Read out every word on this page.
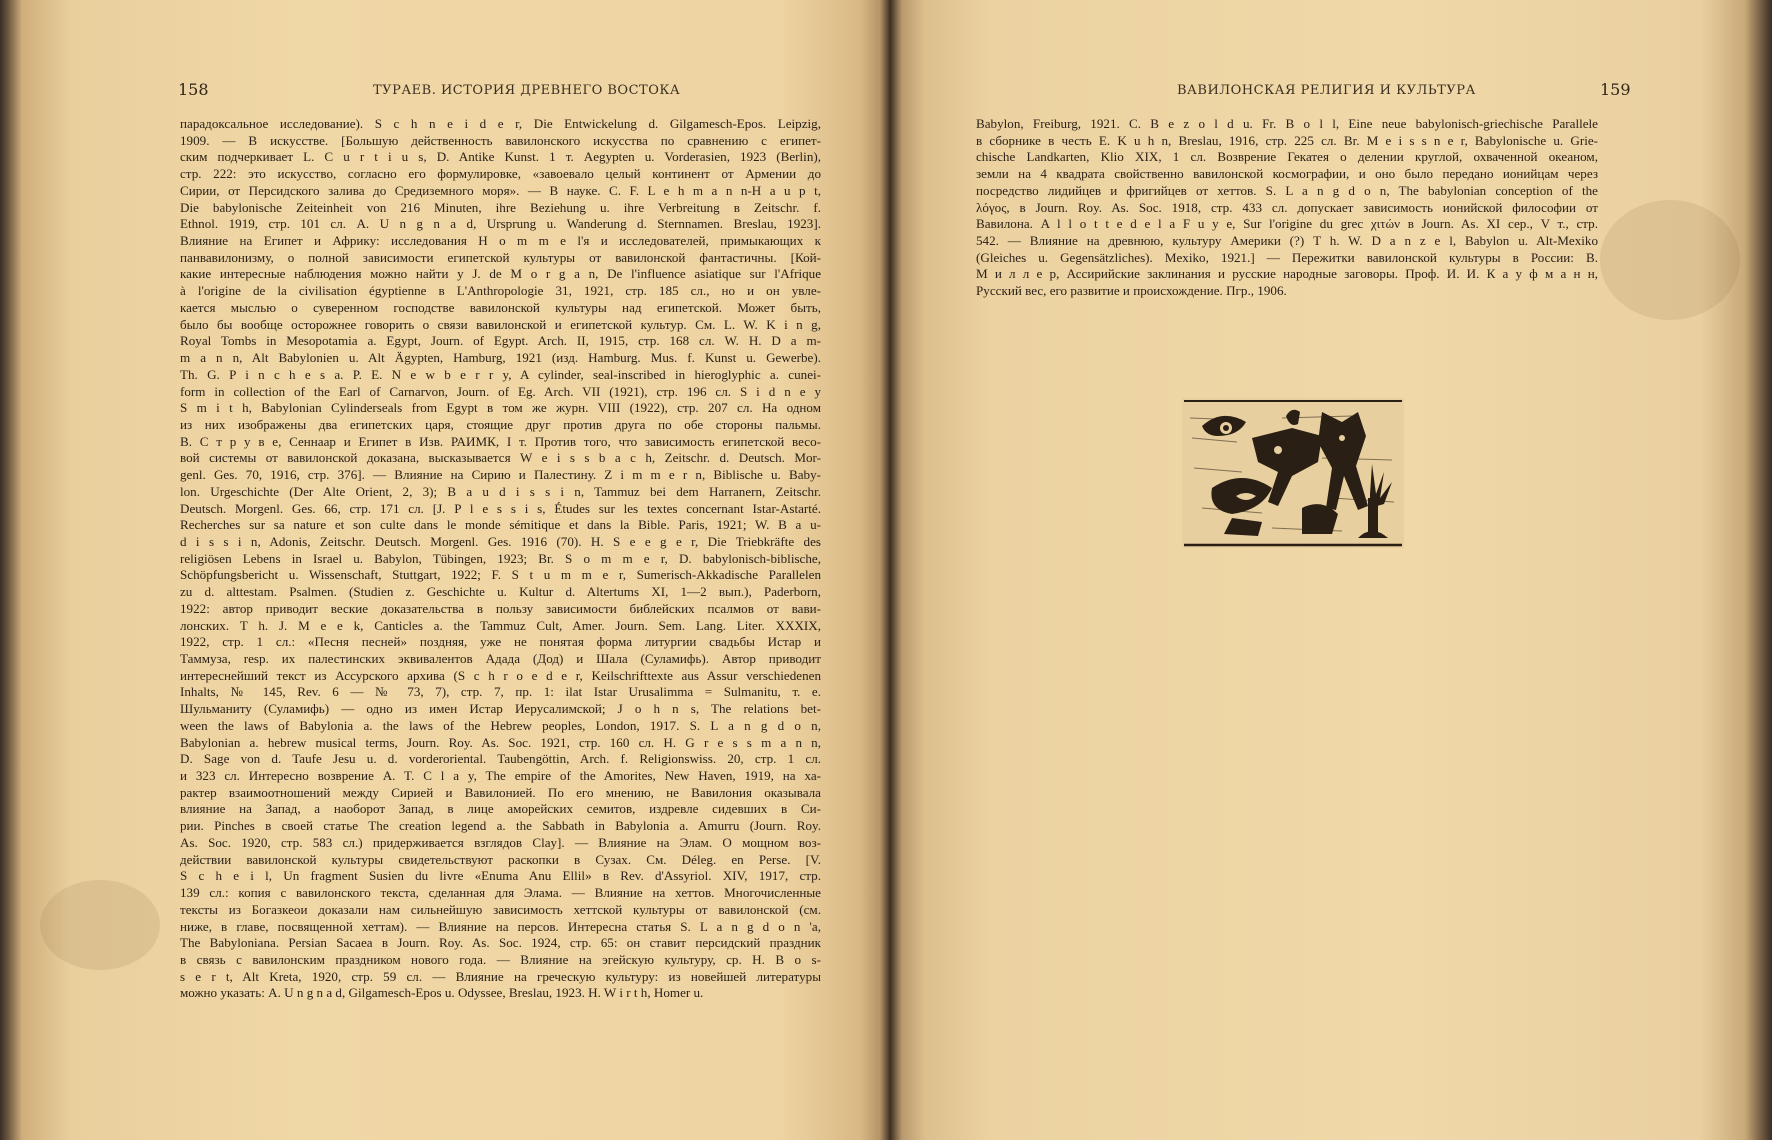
158	ТУРАЕВ. ИСТОРИЯ ДРЕВНЕГО ВОСТОКА
парадоксальное исследование). S c h n e i d e r, Die Entwickelung d. Gilgamesch-Epos. Leipzig,
1909. — В искусстве. [Большую действенность вавилонского искусства по сравнению с египет-
ским подчеркивает L. C u r t i u s, D. Antike Kunst. 1 т. Aegypten u. Vorderasien, 1923 (Berlin),
стр. 222: это искусство, согласно его формулировке, «завоевало целый континент от Армении до
Сирии, от Персидского залива до Средиземного моря». — В науке. C. F. L e h m a n n-H a u p t,
Die babylonische Zeiteinheit von 216 Minuten, ihre Beziehung u. ihre Verbreitung в Zeitschr. f.
Ethnol. 1919, стр. 101 сл. A. U n g n a d, Ursprung u. Wanderung d. Sternnamen. Breslau, 1923].
Влияние на Египет и Африку: исследования Н о m m e l'я и исследователей, примыкающих к
панвавилонизму, о полной зависимости египетской культуры от вавилонской фантастичны. [Кой-
какие интересные наблюдения можно найти у J. de M o r g a n, De l'influence asiatique sur l'Afrique
à l'origine de la civilisation égyptienne в L'Anthropologie 31, 1921, стр. 185 сл., но и он увле-
кается мыслью о суверенном господстве вавилонской культуры над египетской. Может быть,
было бы вообще осторожнее говорить о связи вавилонской и египетской культур. См. L. W. K i n g,
Royal Tombs in Mesopotamia a. Egypt, Journ. of Egypt. Arch. II, 1915, стр. 168 сл. W. H. D a m-
m a n n, Alt Babylonien u. Alt Ägypten, Hamburg, 1921 (изд. Hamburg. Mus. f. Kunst u. Gewerbe).
Th. G. P i n c h e s a. P. E. N e w b e r r y, A cylinder, seal-inscribed in hieroglyphic a. cunei-
form in collection of the Earl of Carnarvon, Journ. of Eg. Arch. VII (1921), стр. 196 сл. S i d n e y
S m i t h, Babylonian Cylinderseals from Egypt в том же журн. VIII (1922), стр. 207 сл. На одном
из них изображены два египетских царя, стоящие друг против друга по обе стороны пальмы.
В. С т р у в е, Сеннаар и Египет в Изв. РАИМК, I т. Против того, что зависимость египетской весо-
вой системы от вавилонской доказана, высказывается W e i s s b a c h, Zeitschr. d. Deutsch. Mor-
genl. Ges. 70, 1916, стр. 376]. — Влияние на Сирию и Палестину. Z i m m e r n, Biblische u. Baby-
lon. Urgeschichte (Der Alte Orient, 2, 3); B a u d i s s i n, Tammuz bei dem Harranern, Zeitschr.
Deutsch. Morgenl. Ges. 66, стр. 171 сл. [J. P l e s s i s, Études sur les textes concernant Istar-Astarté.
Recherches sur sa nature et son culte dans le monde sémitique et dans la Bible. Paris, 1921; W. B a u-
d i s s i n, Adonis, Zeitschr. Deutsch. Morgenl. Ges. 1916 (70). H. S e e g e r, Die Triebkräfte des
religiösen Lebens in Israel u. Babylon, Tübingen, 1923; Br. S o m m e r, D. babylonisch-biblische,
Schöpfungsbericht u. Wissenschaft, Stuttgart, 1922; F. S t u m m e r, Sumerisch-Akkadische Parallelen
zu d. alttestam. Psalmen. (Studien z. Geschichte u. Kultur d. Altertums XI, 1—2 вып.), Paderborn,
1922: автор приводит веские доказательства в пользу зависимости библейских псалмов от вави-
лонских. T h. J. M e e k, Canticles a. the Tammuz Cult, Amer. Journ. Sem. Lang. Liter. XXXIX,
1922, стр. 1 сл.: «Песня песней» поздняя, уже не понятая форма литургии свадьбы Истар и
Таммуза, resp. их палестинских эквивалентов Адада (Дод) и Шала (Суламифь). Автор приводит
интереснейший текст из Ассурского архива (S c h r o e d e r, Keilschrifttexte aus Assur verschiedenen
Inhalts, № 145, Rev. 6 — № 73, 7), стр. 7, пр. 1: ilat Istar Urusalimma = Sulmanitu, т. е.
Шульманиту (Суламифь) — одно из имен Истар Иерусалимской; J o h n s, The relations bet-
ween the laws of Babylonia a. the laws of the Hebrew peoples, London, 1917. S. L a n g d o n,
Babylonian a. hebrew musical terms, Journ. Roy. As. Soc. 1921, стр. 160 сл. H. G r e s s m a n n,
D. Sage von d. Taufe Jesu u. d. vorderoriental. Taubengöttin, Arch. f. Religionswiss. 20, стр. 1 сл.
и 323 сл. Интересно возврение A. T. C l a y, The empire of the Amorites, New Haven, 1919, на ха-
рактер взаимоотношений между Сирией и Вавилонией. По его мнению, не Вавилония оказывала
влияние на Запад, а наоборот Запад, в лице аморейских семитов, издревле сидевших в Си-
рии. Pinches в своей статье The creation legend a. the Sabbath in Babylonia a. Amurru (Journ. Roy.
As. Soc. 1920, стр. 583 сл.) придерживается взглядов Clay]. — Влияние на Элам. О мощном воз-
действии вавилонской культуры свидетельствуют раскопки в Сузах. См. Déleg. en Perse. [V.
S c h e i l, Un fragment Susien du livre «Enuma Anu Ellil» в Rev. d'Assyriol. XIV, 1917, стр.
139 сл.: копия с вавилонского текста, сделанная для Элама. — Влияние на хеттов. Многочисленные
тексты из Богазкеои доказали нам сильнейшую зависимость хеттской культуры от вавилонской (см.
ниже, в главе, посвященной хеттам). — Влияние на персов. Интересна статья S. L a n g d o n 'a,
The Babyloniana. Persian Sacaea в Journ. Roy. As. Soc. 1924, стр. 65: он ставит персидский праздник
в связь с вавилонским праздником нового года. — Влияние на эгейскую культуру, ср. H. B o s-
s e r t, Alt Kreta, 1920, стр. 59 сл. — Влияние на греческую культуру: из новейшей литературы
можно указать: A. U n g n a d, Gilgamesch-Epos u. Odyssee, Breslau, 1923. H. W i r t h, Homer u.
ВАВИЛОНСКАЯ РЕЛИГИЯ И КУЛЬТУРА	159
Babylon, Freiburg, 1921. C. B e z o l d u. Fr. B o l l, Eine neue babylonisch-griechische Parallele
в сборнике в честь E. K u h n, Breslau, 1916, стр. 225 сл. Br. M e i s s n e r, Babylonische u. Grie-
chische Landkarten, Klio XIX, 1 сл. Возврение Гекатея о делении круглой, охваченной океаном,
земли на 4 квадрата свойственно вавилонской космографии, и оно было передано ионийцам через
посредство лидийцев и фригийцев от хеттов. S. L a n g d o n, The babylonian conception of the
λόγος, в Journ. Roy. As. Soc. 1918, стр. 433 сл. допускает зависимость ионийской философии от
Вавилона. A l l o t t e d e l a F u y e, Sur l'origine du grec χιτών в Journ. As. XI сер., V т., стр.
542. — Влияние на древнюю, культуру Америки (?) T h. W. D a n z e l, Babylon u. Alt-Mexiko
(Gleiches u. Gegensätzliches). Mexiko, 1921.] — Пережитки вавилонской культуры в России: В.
М и л л е р, Ассирийские заклинания и русские народные заговоры. Проф. И. И. К а у ф м а н н,
Русский вес, его развитие и происхождение. Пгр., 1906.
